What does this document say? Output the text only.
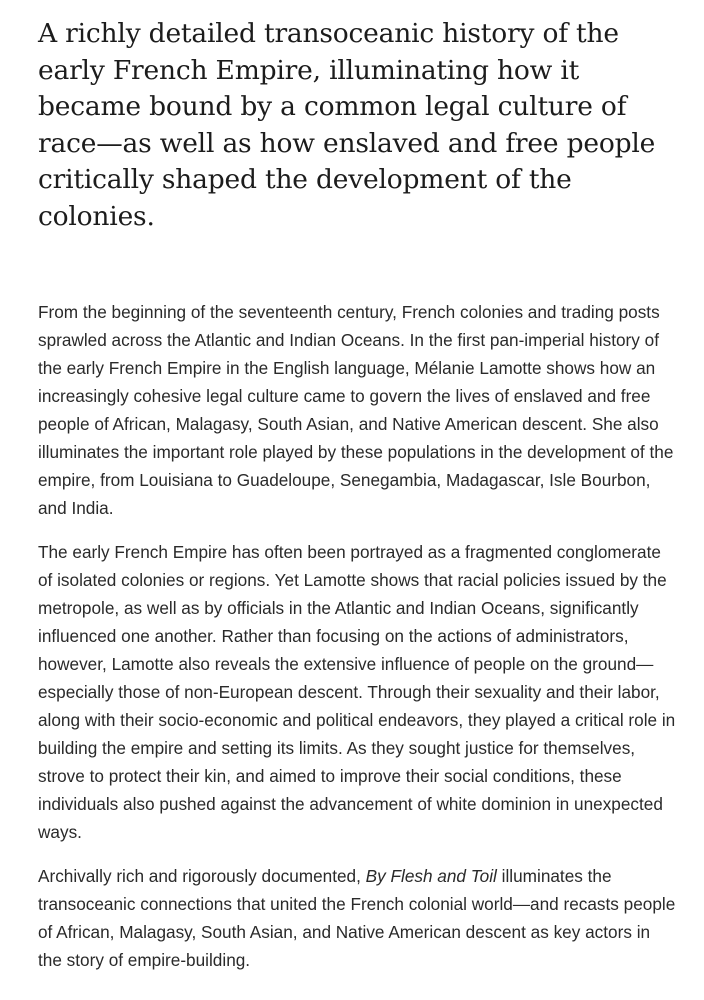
A richly detailed transoceanic history of the early French Empire, illuminating how it became bound by a common legal culture of race—as well as how enslaved and free people critically shaped the development of the colonies.

From the beginning of the seventeenth century, French colonies and trading posts sprawled across the Atlantic and Indian Oceans. In the first pan-imperial history of the early French Empire in the English language, Mélanie Lamotte shows how an increasingly cohesive legal culture came to govern the lives of enslaved and free people of African, Malagasy, South Asian, and Native American descent. She also illuminates the important role played by these populations in the development of the empire, from Louisiana to Guadeloupe, Senegambia, Madagascar, Isle Bourbon, and India.

The early French Empire has often been portrayed as a fragmented conglomerate of isolated colonies or regions. Yet Lamotte shows that racial policies issued by the metropole, as well as by officials in the Atlantic and Indian Oceans, significantly influenced one another. Rather than focusing on the actions of administrators, however, Lamotte also reveals the extensive influence of people on the ground—especially those of non-European descent. Through their sexuality and their labor, along with their socio-economic and political endeavors, they played a critical role in building the empire and setting its limits. As they sought justice for themselves, strove to protect their kin, and aimed to improve their social conditions, these individuals also pushed against the advancement of white dominion in unexpected ways.

Archivally rich and rigorously documented, By Flesh and Toil illuminates the transoceanic connections that united the French colonial world—and recasts people of African, Malagasy, South Asian, and Native American descent as key actors in the story of empire-building.
